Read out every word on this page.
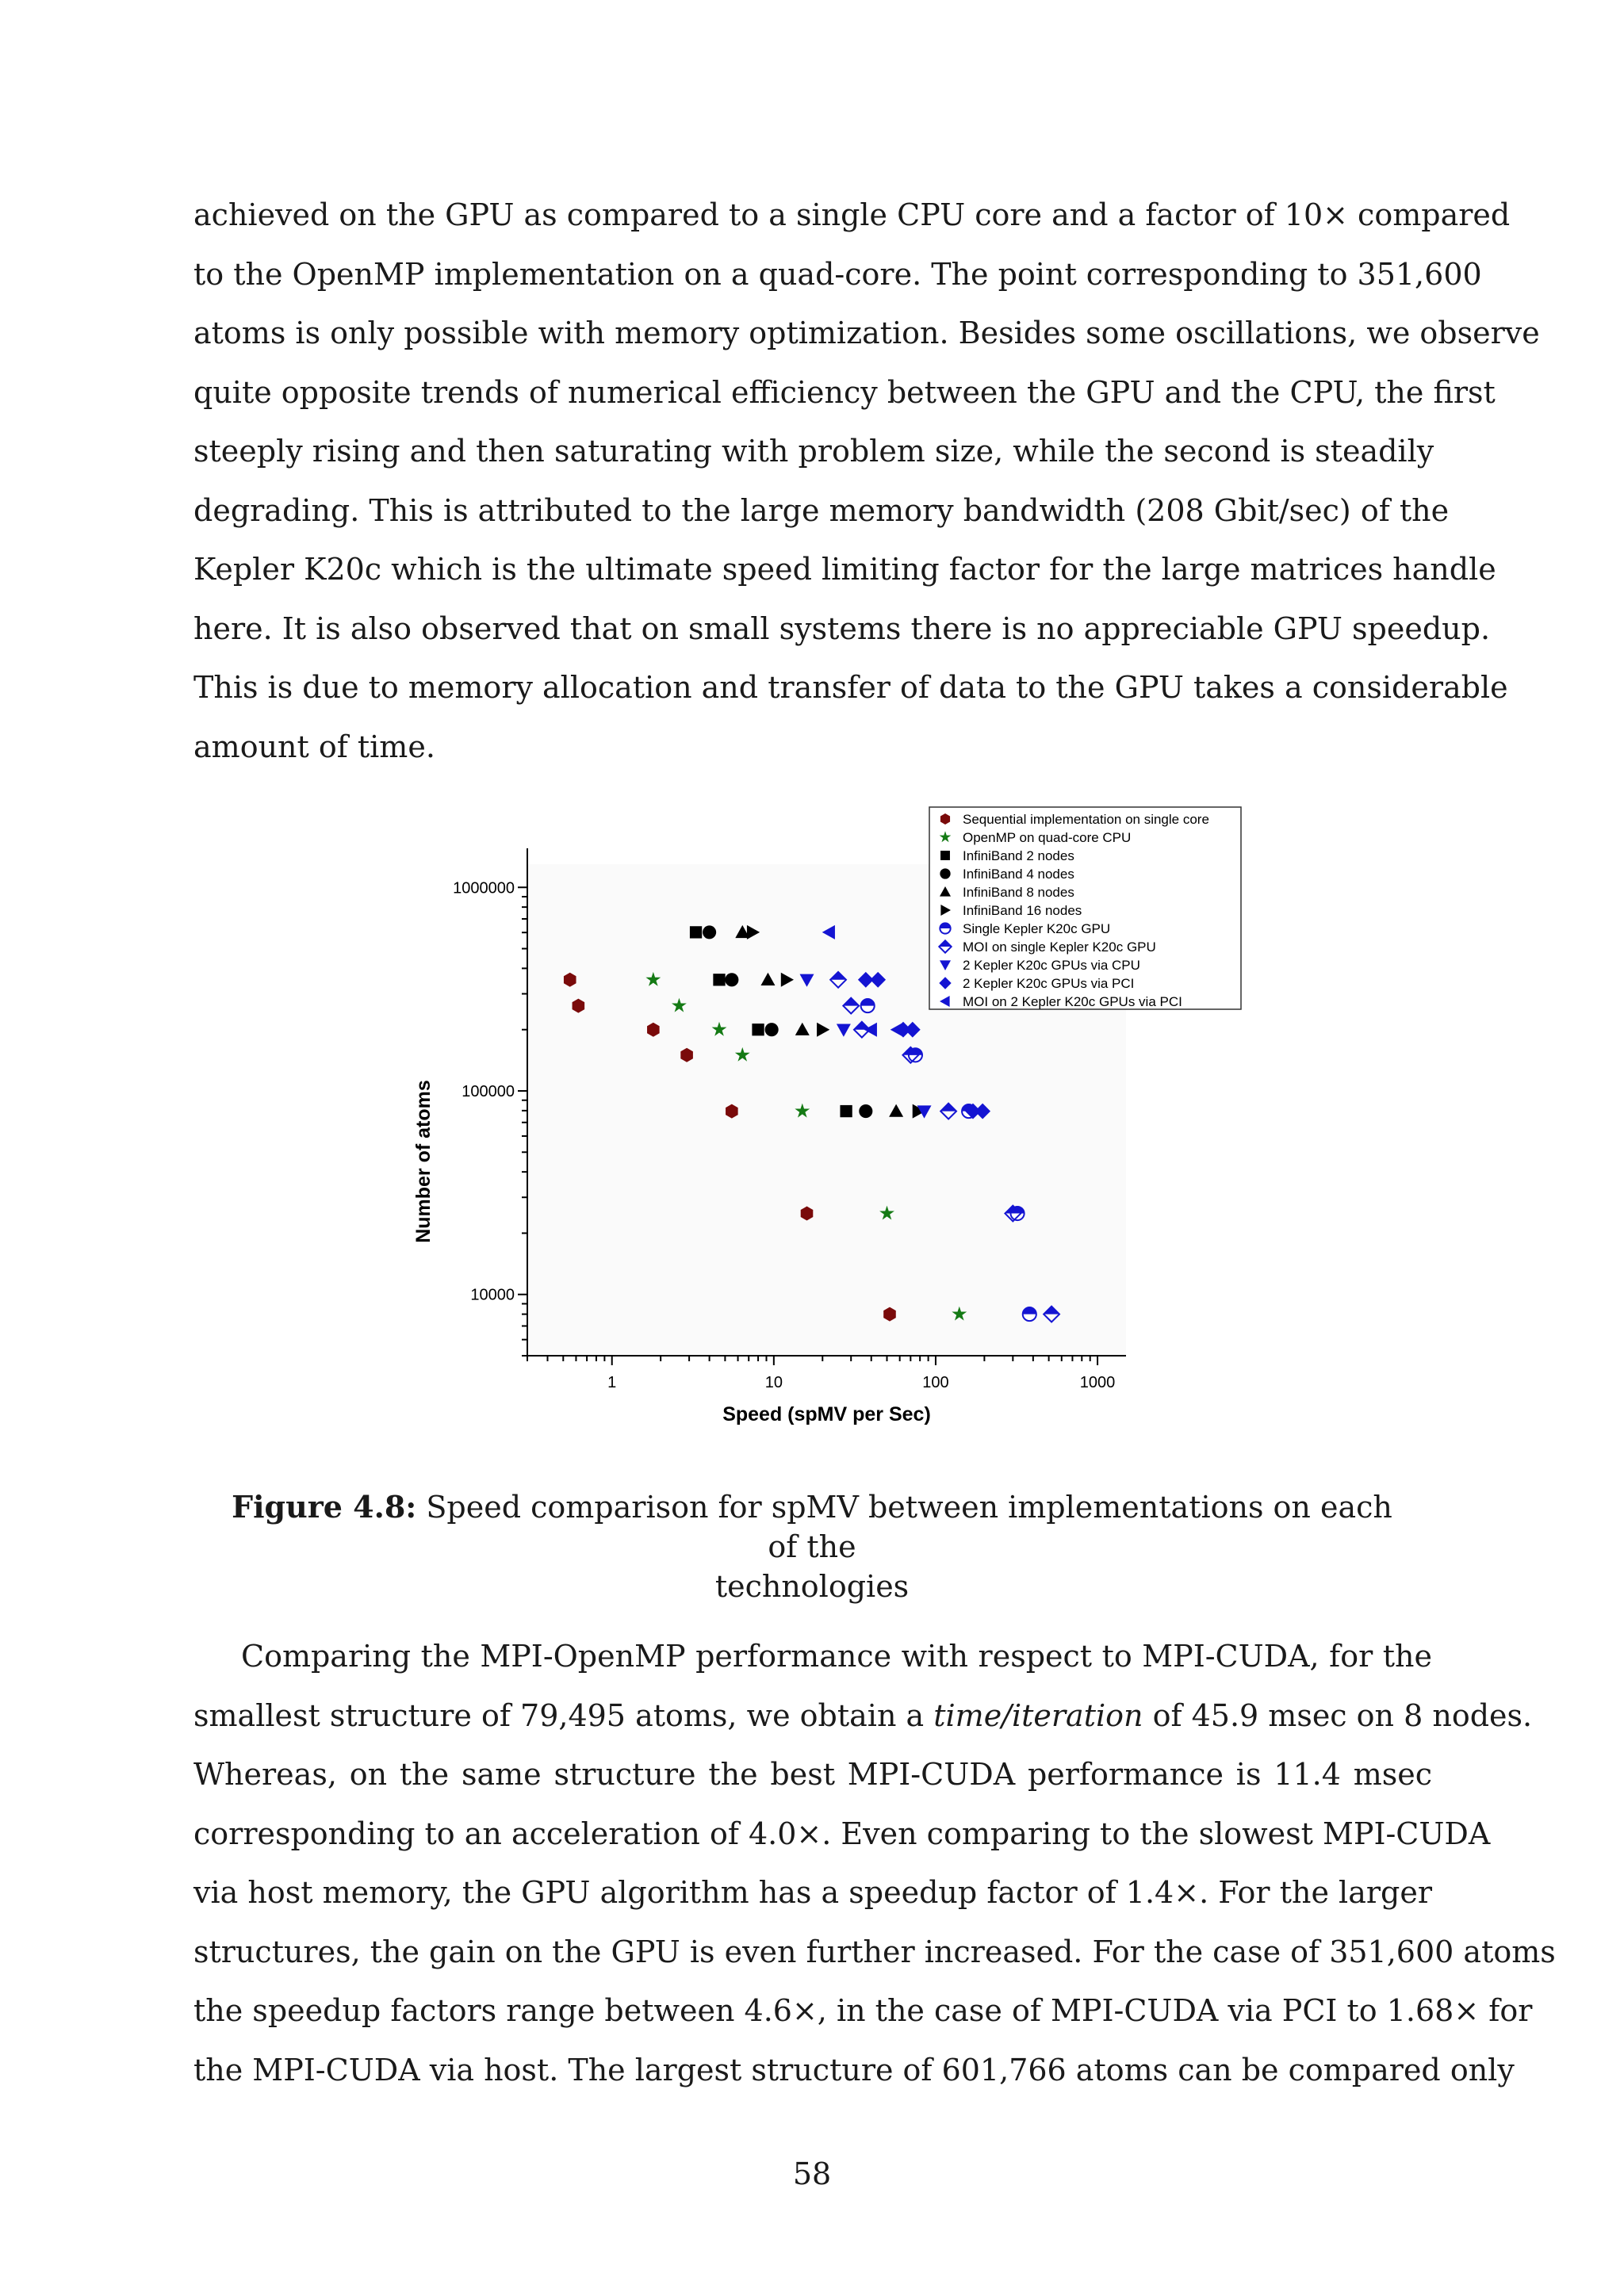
achieved on the GPU as compared to a single CPU core and a factor of 10× compared
to the OpenMP implementation on a quad-core. The point corresponding to 351,600
atoms is only possible with memory optimization. Besides some oscillations, we observe
quite opposite trends of numerical efficiency between the GPU and the CPU, the first
steeply rising and then saturating with problem size, while the second is steadily
degrading. This is attributed to the large memory bandwidth (208 Gbit/sec) of the
Kepler K20c which is the ultimate speed limiting factor for the large matrices handle
here. It is also observed that on small systems there is no appreciable GPU speedup.
This is due to memory allocation and transfer of data to the GPU takes a considerable
amount of time.
1	10	100	1000
10000
100000
1000000
Speed (spMV per Sec)
Number of atoms
Sequential implementation on single core
OpenMP on quad-core CPU
InfiniBand 2 nodes
InfiniBand 4 nodes
InfiniBand 8 nodes
InfiniBand 16 nodes
Single Kepler K20c GPU
MOI on single Kepler K20c GPU
2 Kepler K20c GPUs via CPU
2 Kepler K20c GPUs via PCI
MOI on 2 Kepler K20c GPUs via PCI
Figure 4.8: Speed comparison for spMV between implementations on each of the
technologies
Comparing the MPI-OpenMP performance with respect to MPI-CUDA, for the
smallest structure of 79,495 atoms, we obtain a time/iteration of 45.9 msec on 8 nodes.
Whereas, on the same structure the best MPI-CUDA performance is 11.4 msec
corresponding to an acceleration of 4.0×. Even comparing to the slowest MPI-CUDA
via host memory, the GPU algorithm has a speedup factor of 1.4×. For the larger
structures, the gain on the GPU is even further increased. For the case of 351,600 atoms
the speedup factors range between 4.6×, in the case of MPI-CUDA via PCI to 1.68× for
the MPI-CUDA via host. The largest structure of 601,766 atoms can be compared only
58
